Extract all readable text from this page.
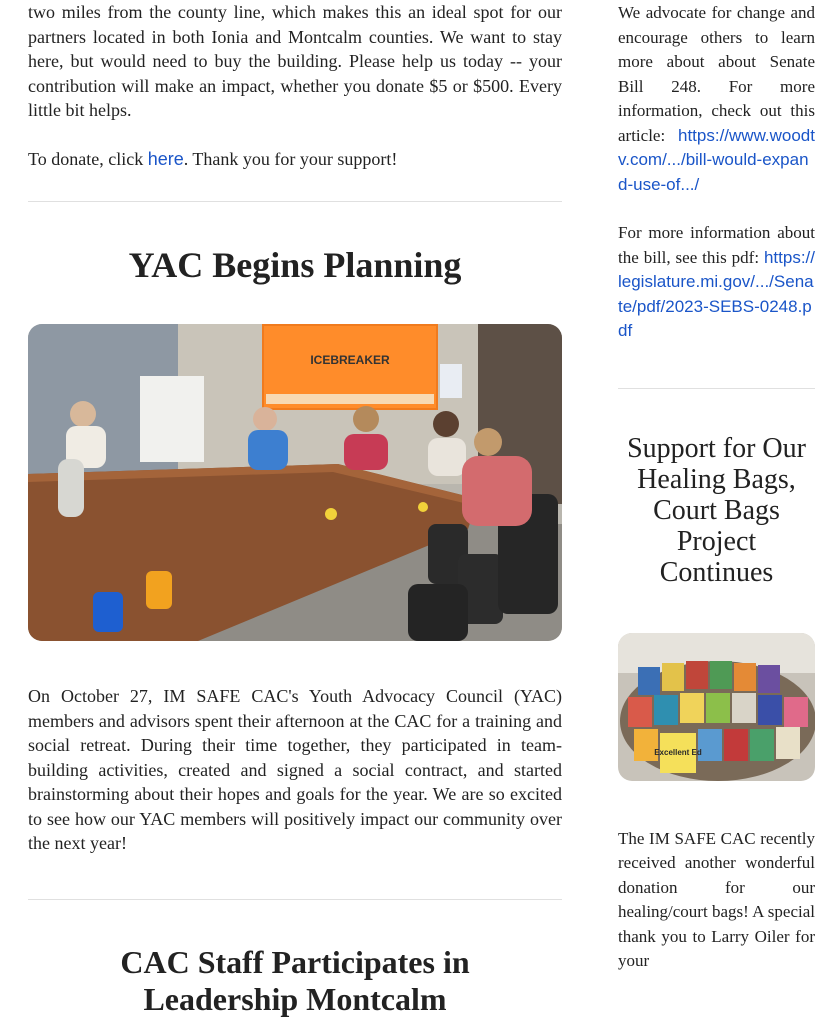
two miles from the county line, which makes this an ideal spot for our partners located in both Ionia and Montcalm counties. We want to stay here, but would need to buy the building. Please help us today -- your contribution will make an impact, whether you donate $5 or $500. Every little bit helps.

To donate, click here. Thank you for your support!

YAC Begins Planning
ICEBREAKER

On October 27, IM SAFE CAC's Youth Advocacy Council (YAC) members and advisors spent their afternoon at the CAC for a training and social retreat. During their time together, they participated in team-building activities, created and signed a social contract, and started brainstorming about their hopes and goals for the year. We are so excited to see how our YAC members will positively impact our community over the next year!

CAC Staff Participates in
Leadership Montcalm

We advocate for change and encourage others to learn more about about Senate Bill 248. For more information, check out this article: https://www.woodtv.com/.../bill-would-expand-use-of.../

For more information about the bill, see this pdf: https://legislature.mi.gov/.../Senate/pdf/2023-SEBS-0248.pdf

Support for Our Healing Bags, Court Bags Project Continues
Excellent Ed

The IM SAFE CAC recently received another wonderful donation for our healing/court bags! A special thank you to Larry Oiler for your
